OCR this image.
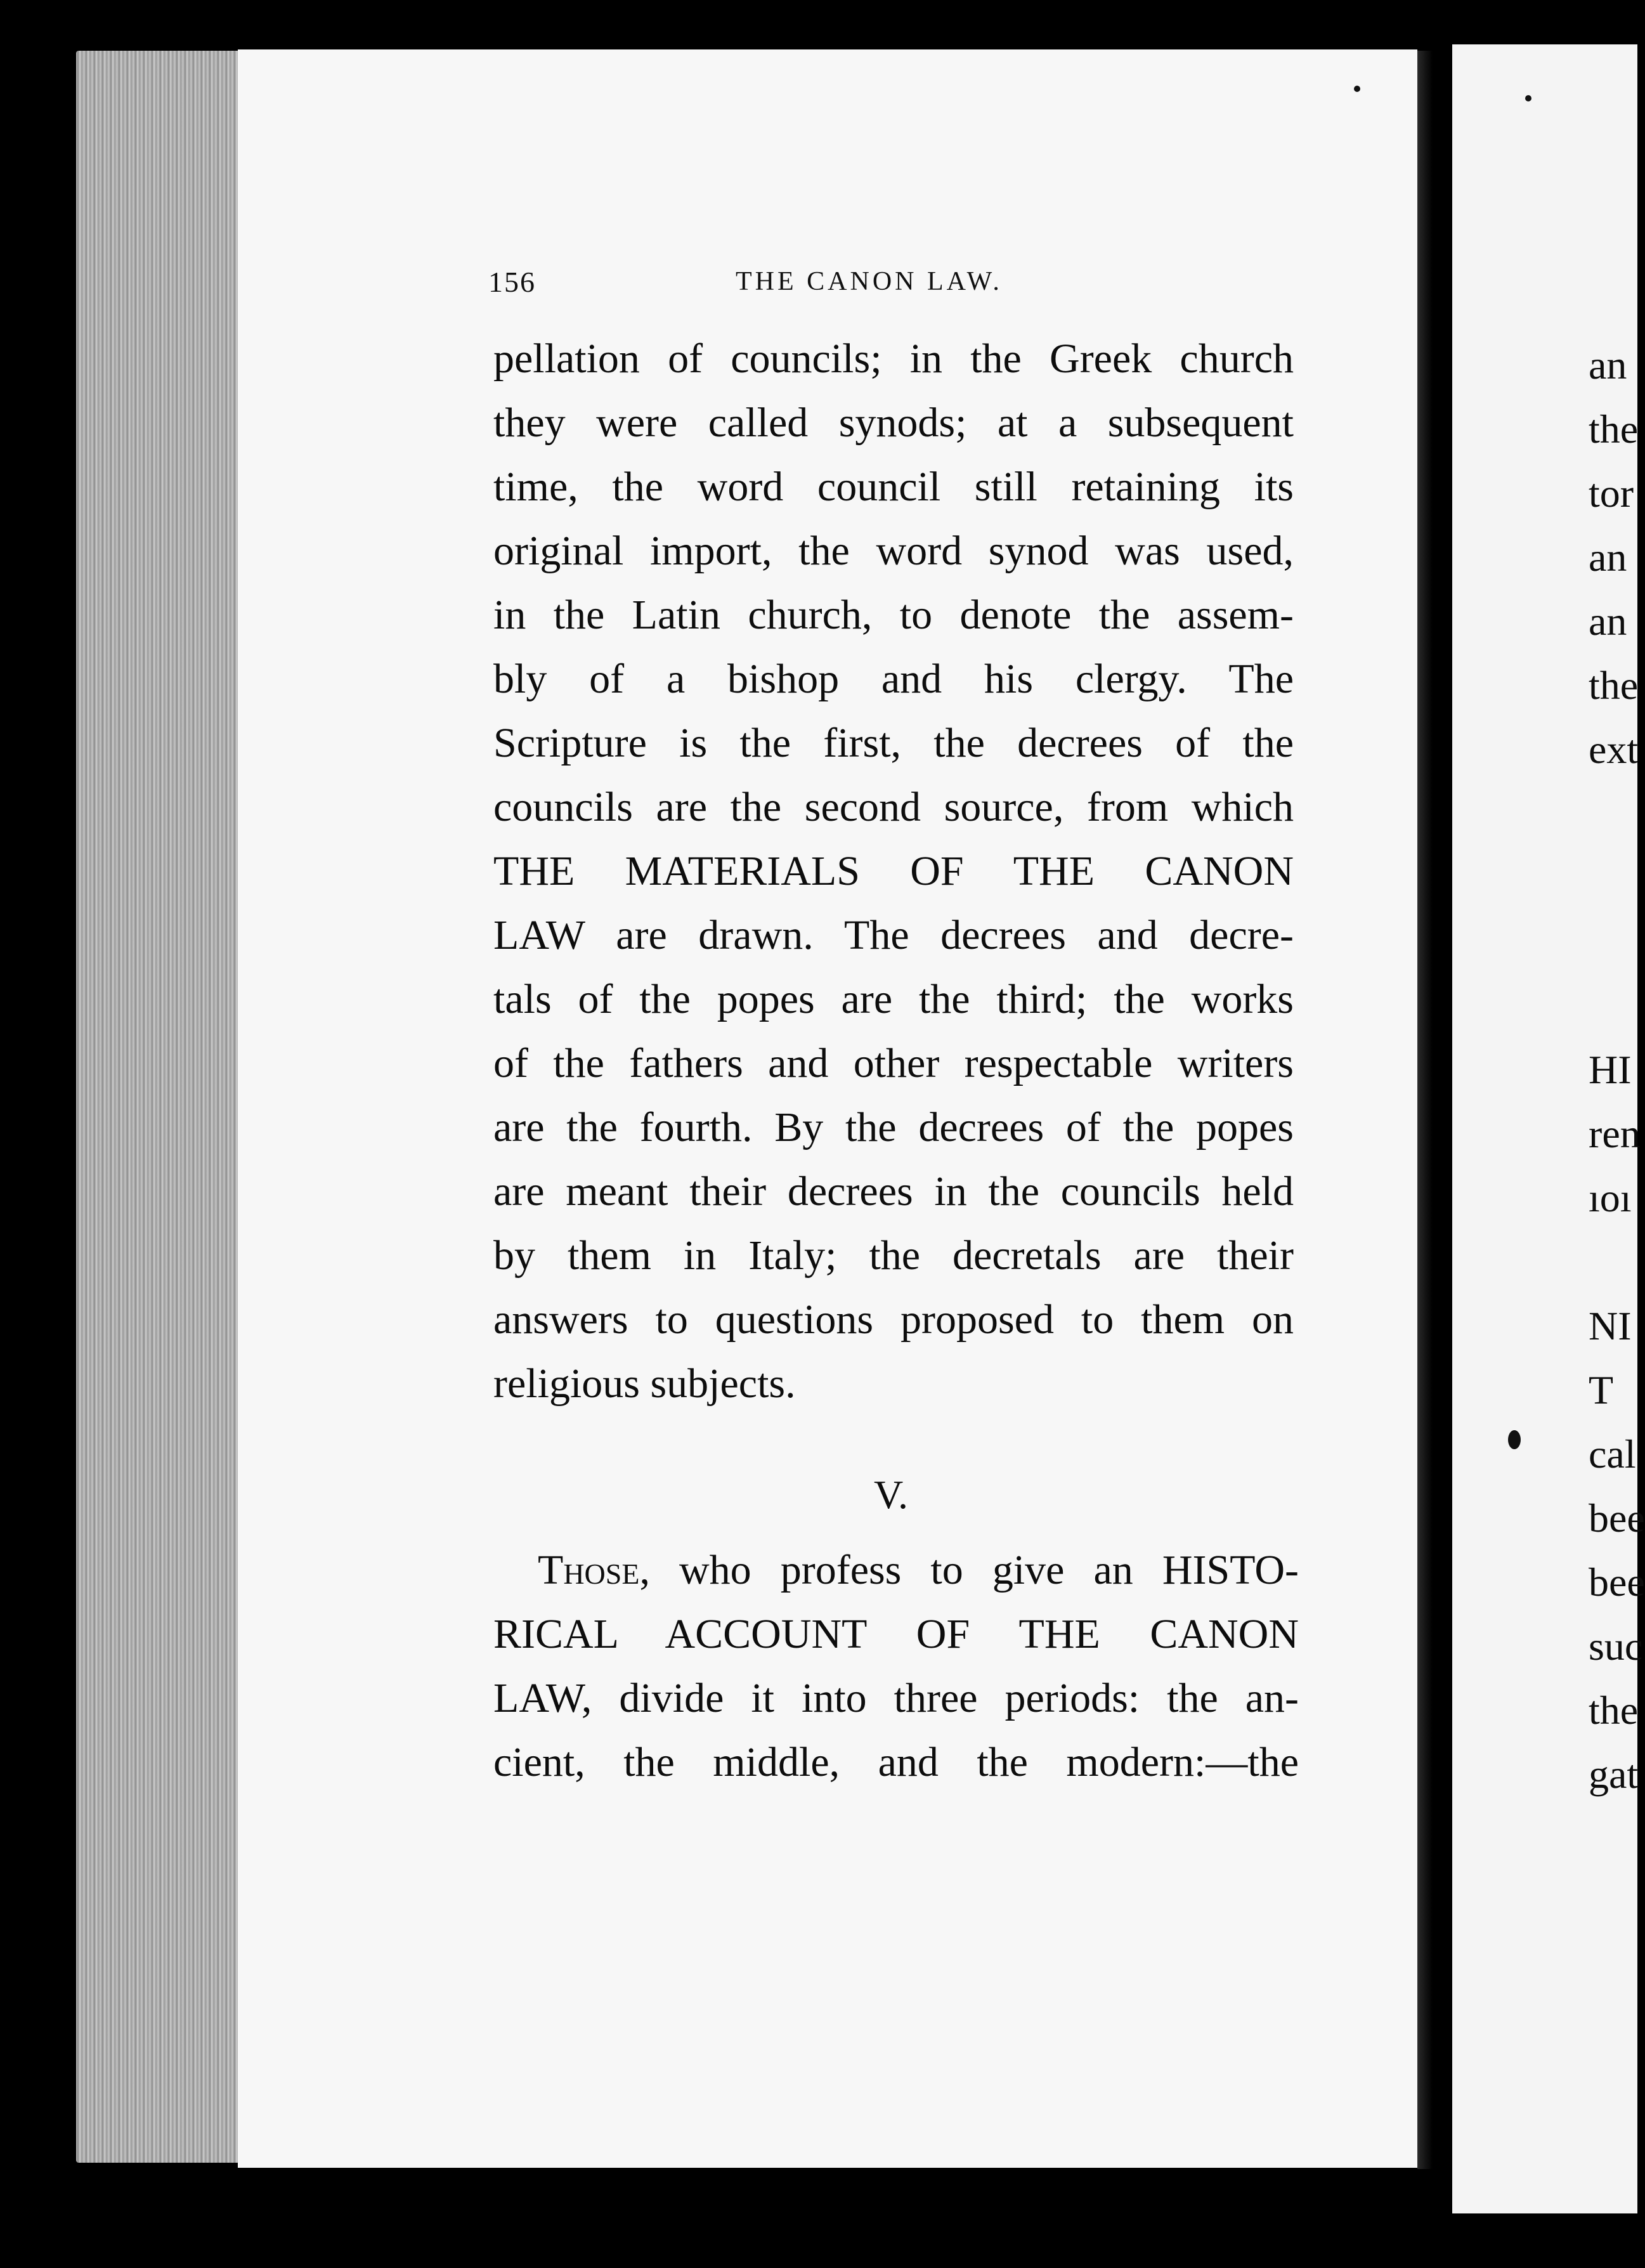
156	THE CANON LAW.
pellation of councils; in the Greek church
they were called synods; at a subsequent
time, the word council still retaining its
original import, the word synod was used,
in the Latin church, to denote the assem-
bly of a bishop and his clergy. The
Scripture is the first, the decrees of the
councils are the second source, from which
THE MATERIALS OF THE CANON
LAW are drawn. The decrees and decre-
tals of the popes are the third; the works
of the fathers and other respectable writers
are the fourth. By the decrees of the popes
are meant their decrees in the councils held
by them in Italy; the decretals are their
answers to questions proposed to them on
religious subjects.
V.
Those, who profess to give an HISTO-
RICAL ACCOUNT OF THE CANON
LAW, divide it into three periods: the an-
cient, the middle, and the modern:—the
an
the
tor
an
an
the
ext
HI
ren
ıoı
NI
T
cal
bee
bee
suc
the
gat
